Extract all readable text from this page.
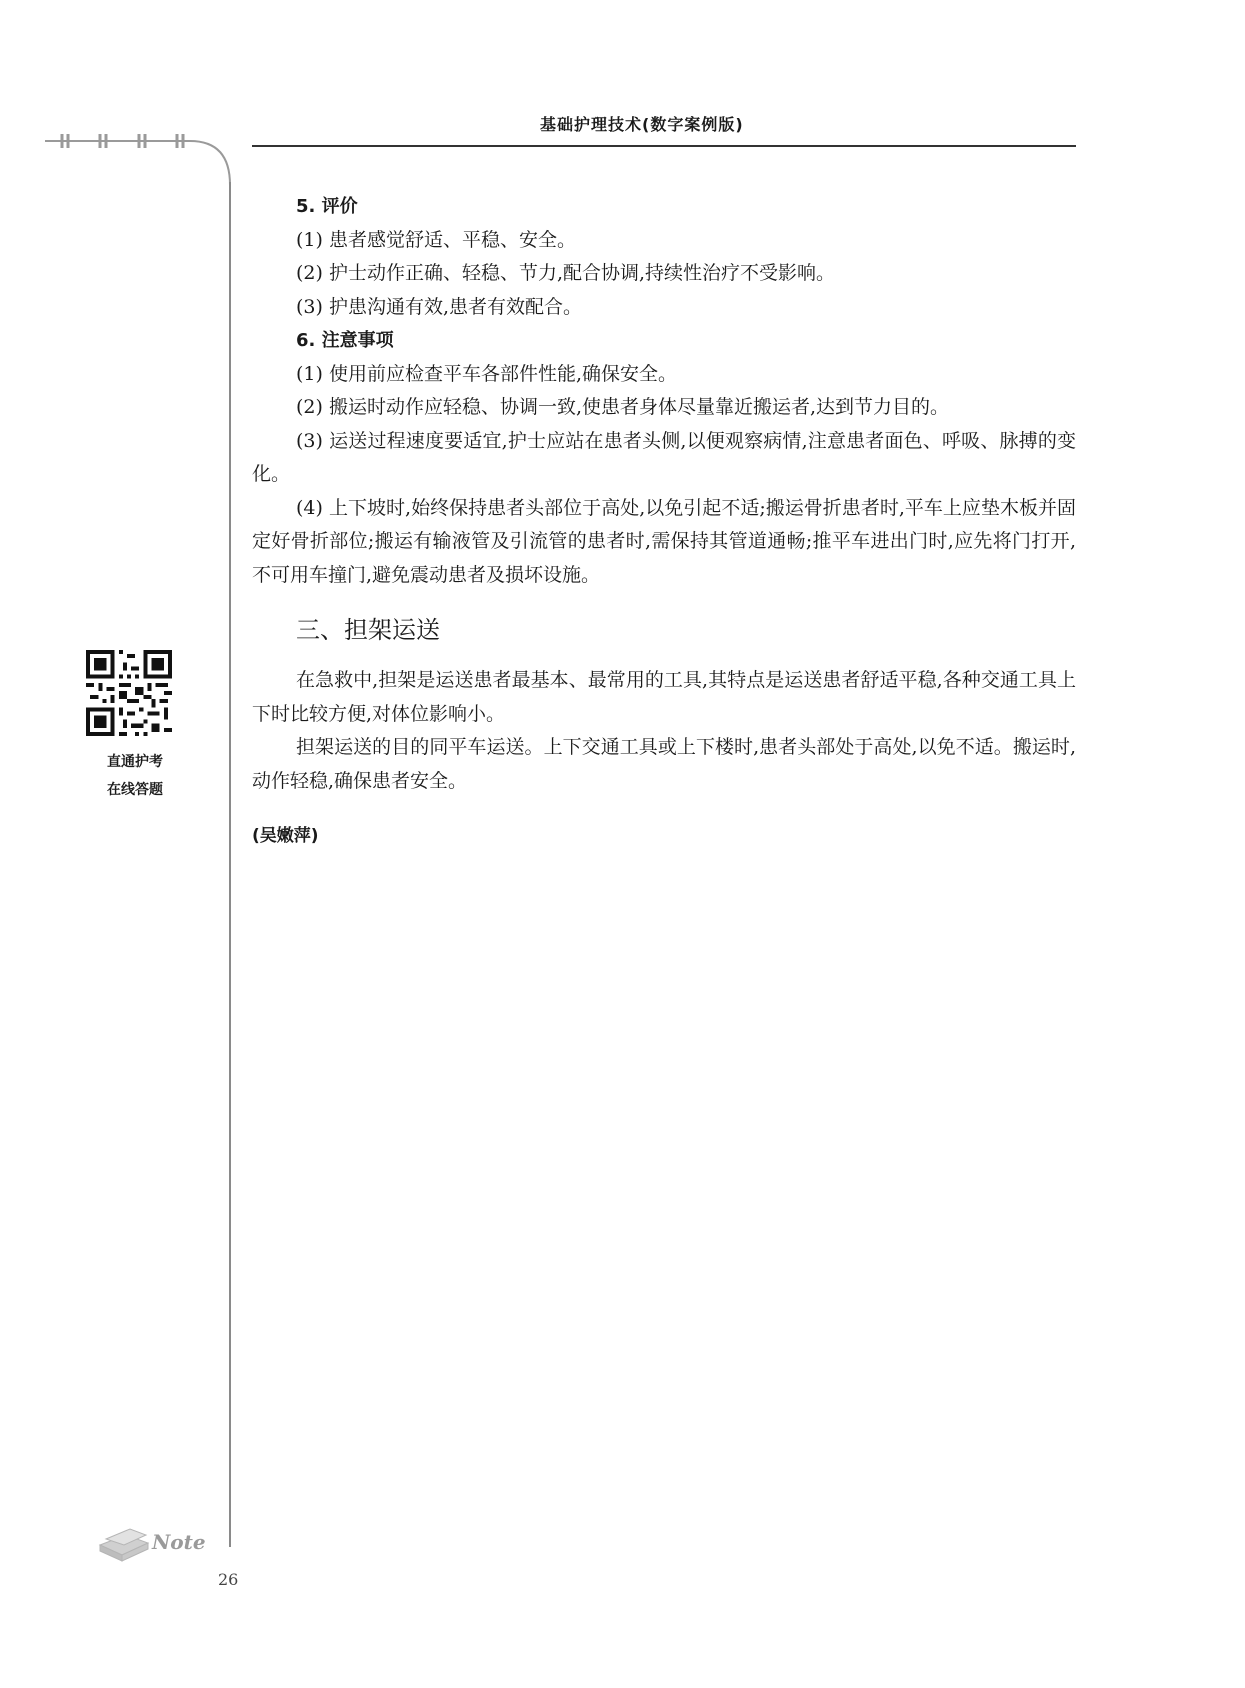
基础护理技术(数字案例版)

5. 评价

(1) 患者感觉舒适、平稳、安全。

(2) 护士动作正确、轻稳、节力,配合协调,持续性治疗不受影响。

(3) 护患沟通有效,患者有效配合。

6. 注意事项

(1) 使用前应检查平车各部件性能,确保安全。

(2) 搬运时动作应轻稳、协调一致,使患者身体尽量靠近搬运者,达到节力目的。

(3) 运送过程速度要适宜,护士应站在患者头侧,以便观察病情,注意患者面色、呼吸、脉搏的变化。

(4) 上下坡时,始终保持患者头部位于高处,以免引起不适;搬运骨折患者时,平车上应垫木板并固定好骨折部位;搬运有输液管及引流管的患者时,需保持其管道通畅;推平车进出门时,应先将门打开,不可用车撞门,避免震动患者及损坏设施。

三、担架运送

在急救中,担架是运送患者最基本、最常用的工具,其特点是运送患者舒适平稳,各种交通工具上下时比较方便,对体位影响小。

担架运送的目的同平车运送。上下交通工具或上下楼时,患者头部处于高处,以免不适。搬运时,动作轻稳,确保患者安全。

(吴嫩萍)

直通护考
在线答题
Note
26
